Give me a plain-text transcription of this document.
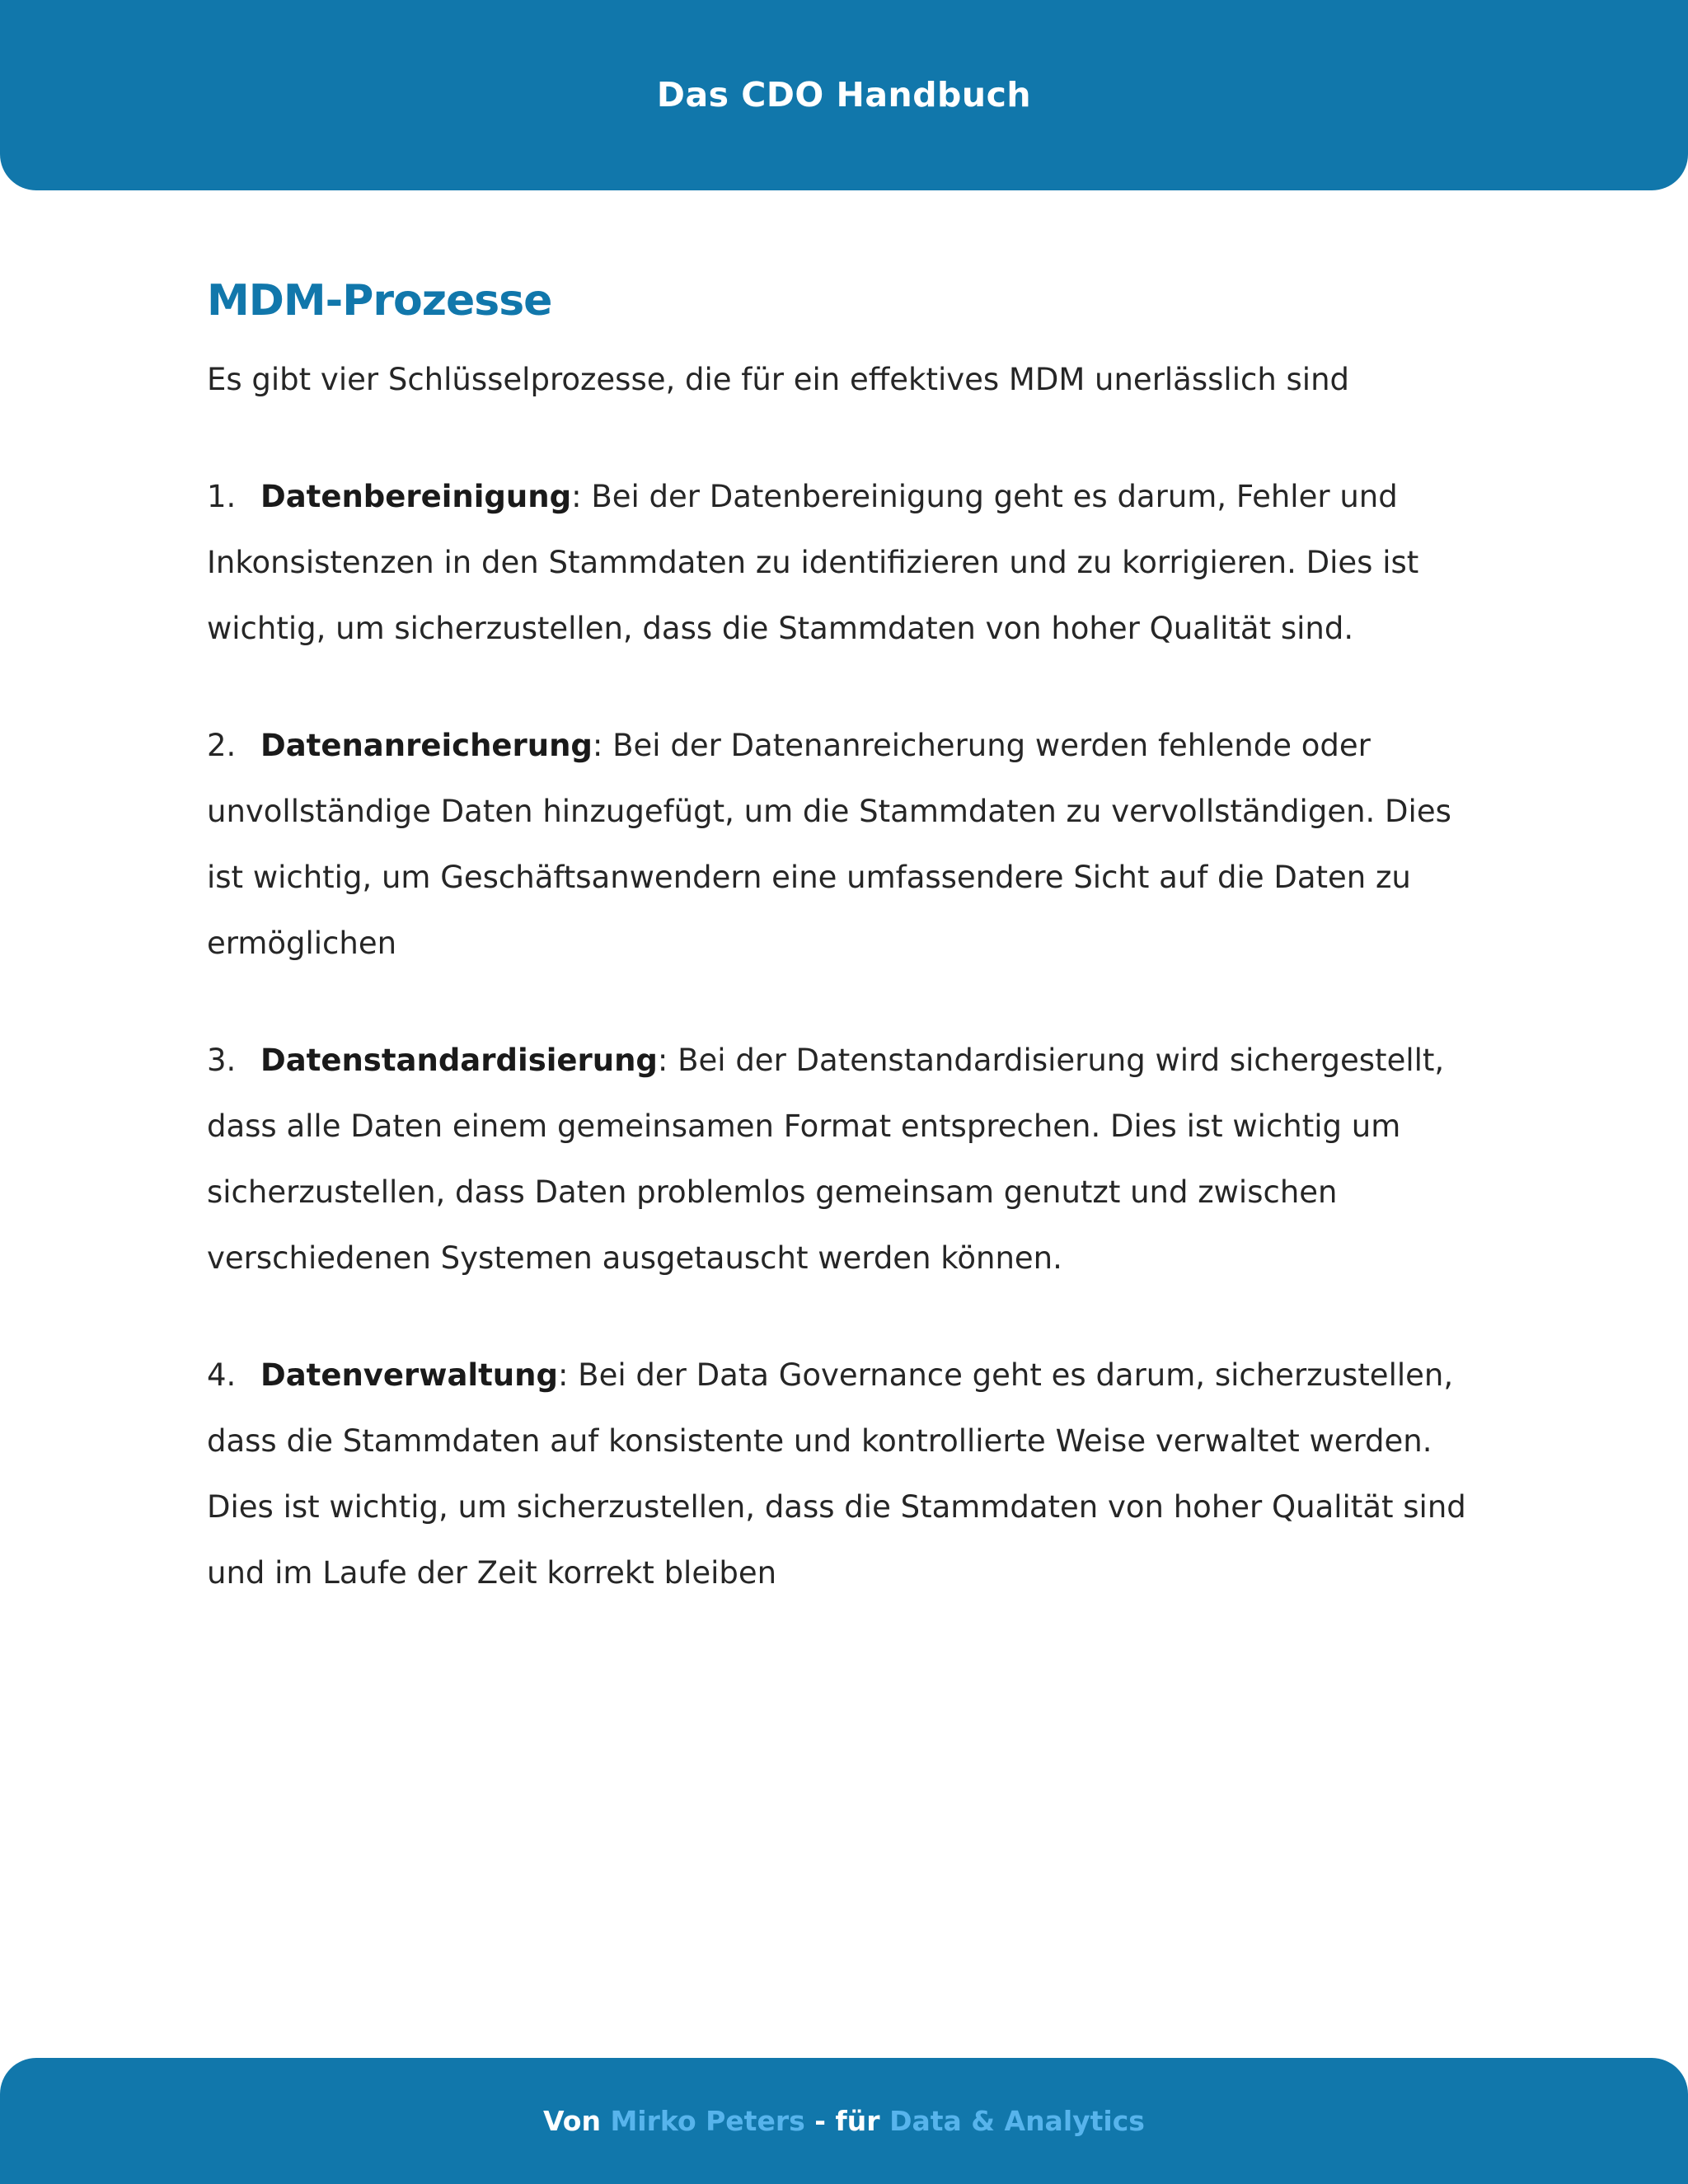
Das CDO Handbuch
MDM-Prozesse

Es gibt vier Schlüsselprozesse, die für ein effektives MDM unerlässlich sind

1. Datenbereinigung: Bei der Datenbereinigung geht es darum, Fehler und Inkonsistenzen in den Stammdaten zu identifizieren und zu korrigieren. Dies ist wichtig, um sicherzustellen, dass die Stammdaten von hoher Qualität sind.
2. Datenanreicherung: Bei der Datenanreicherung werden fehlende oder unvollständige Daten hinzugefügt, um die Stammdaten zu vervollständigen. Dies ist wichtig, um Geschäftsanwendern eine umfassendere Sicht auf die Daten zu ermöglichen
3. Datenstandardisierung: Bei der Datenstandardisierung wird sichergestellt, dass alle Daten einem gemeinsamen Format entsprechen. Dies ist wichtig um sicherzustellen, dass Daten problemlos gemeinsam genutzt und zwischen verschiedenen Systemen ausgetauscht werden können.
4. Datenverwaltung: Bei der Data Governance geht es darum, sicherzustellen, dass die Stammdaten auf konsistente und kontrollierte Weise verwaltet werden. Dies ist wichtig, um sicherzustellen, dass die Stammdaten von hoher Qualität sind und im Laufe der Zeit korrekt bleiben
Von Mirko Peters - für Data & Analytics
